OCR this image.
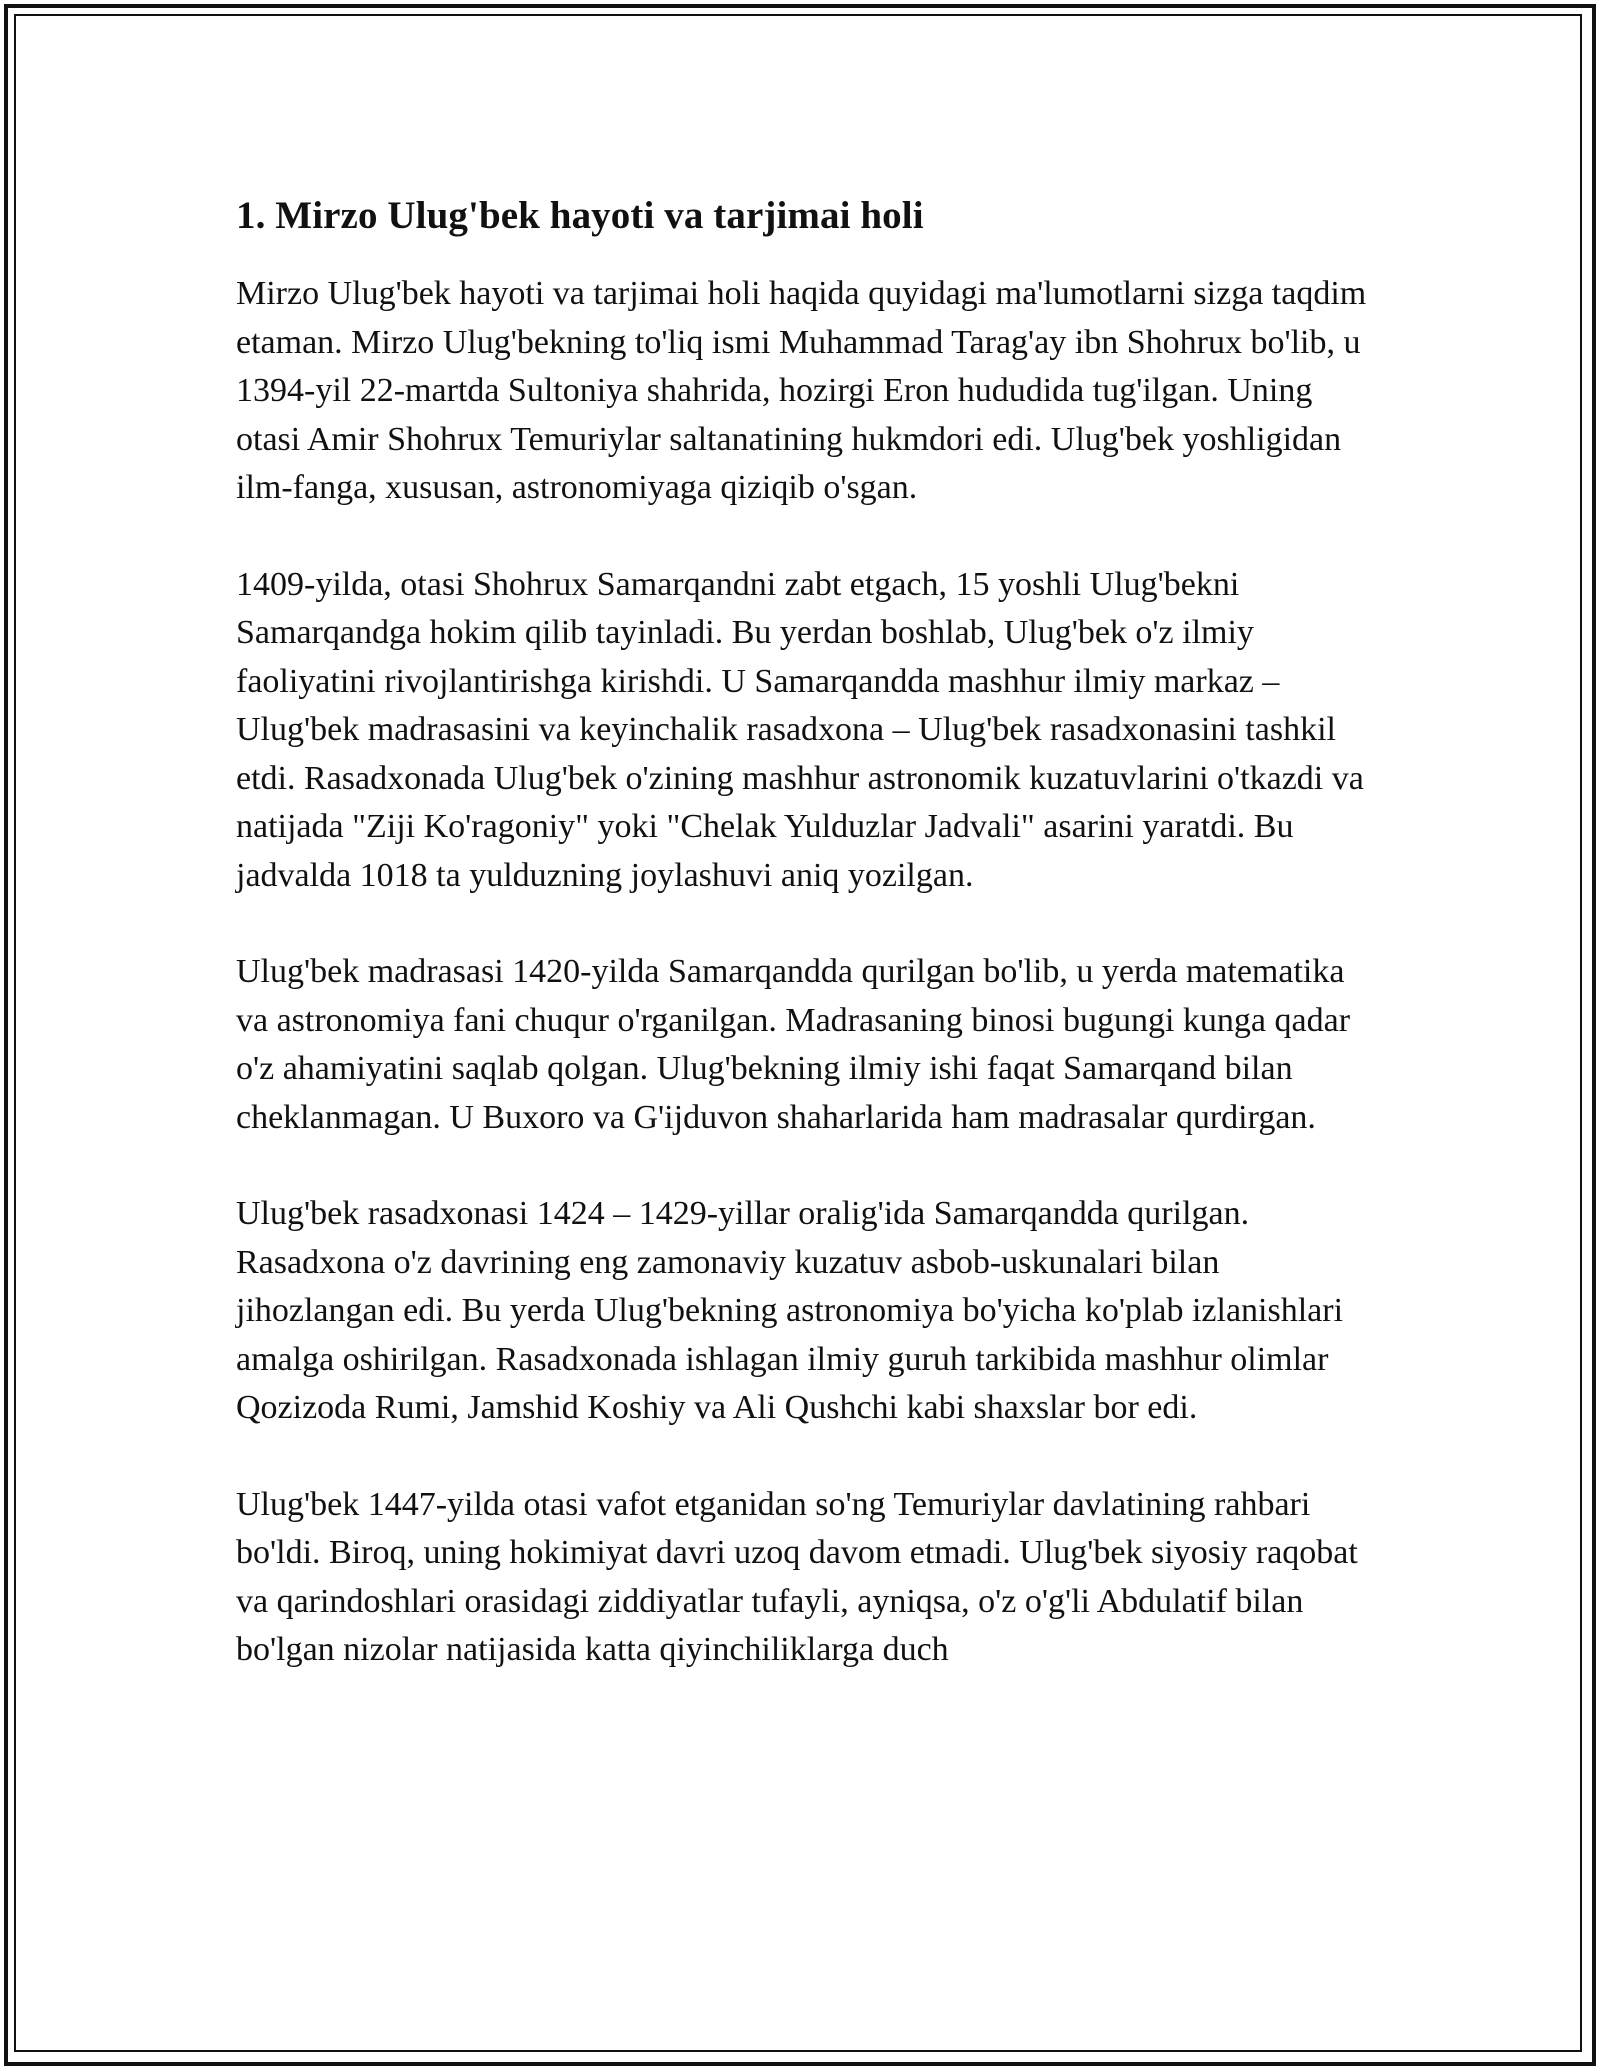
1. Mirzo Ulug'bek hayoti va tarjimai holi

Mirzo Ulug'bek hayoti va tarjimai holi haqida quyidagi ma'lumotlarni sizga taqdim etaman. Mirzo Ulug'bekning to'liq ismi Muhammad Tarag'ay ibn Shohrux bo'lib, u 1394-yil 22-martda Sultoniya shahrida, hozirgi Eron hududida tug'ilgan. Uning otasi Amir Shohrux Temuriylar saltanatining hukmdori edi. Ulug'bek yoshligidan ilm-fanga, xususan, astronomiyaga qiziqib o'sgan.

1409-yilda, otasi Shohrux Samarqandni zabt etgach, 15 yoshli Ulug'bekni Samarqandga hokim qilib tayinladi. Bu yerdan boshlab, Ulug'bek o'z ilmiy faoliyatini rivojlantirishga kirishdi. U Samarqandda mashhur ilmiy markaz – Ulug'bek madrasasini va keyinchalik rasadxona – Ulug'bek rasadxonasini tashkil etdi. Rasadxonada Ulug'bek o'zining mashhur astronomik kuzatuvlarini o'tkazdi va natijada "Ziji Ko'ragoniy" yoki "Chelak Yulduzlar Jadvali" asarini yaratdi. Bu jadvalda 1018 ta yulduzning joylashuvi aniq yozilgan.

Ulug'bek madrasasi 1420-yilda Samarqandda qurilgan bo'lib, u yerda matematika va astronomiya fani chuqur o'rganilgan. Madrasaning binosi bugungi kunga qadar o'z ahamiyatini saqlab qolgan. Ulug'bekning ilmiy ishi faqat Samarqand bilan cheklanmagan. U Buxoro va G'ijduvon shaharlarida ham madrasalar qurdirgan.

Ulug'bek rasadxonasi 1424 – 1429-yillar oralig'ida Samarqandda qurilgan. Rasadxona o'z davrining eng zamonaviy kuzatuv asbob-uskunalari bilan jihozlangan edi. Bu yerda Ulug'bekning astronomiya bo'yicha ko'plab izlanishlari amalga oshirilgan. Rasadxonada ishlagan ilmiy guruh tarkibida mashhur olimlar Qozizoda Rumi, Jamshid Koshiy va Ali Qushchi kabi shaxslar bor edi.

Ulug'bek 1447-yilda otasi vafot etganidan so'ng Temuriylar davlatining rahbari bo'ldi. Biroq, uning hokimiyat davri uzoq davom etmadi. Ulug'bek siyosiy raqobat va qarindoshlari orasidagi ziddiyatlar tufayli, ayniqsa, o'z o'g'li Abdulatif bilan bo'lgan nizolar natijasida katta qiyinchiliklarga duch
